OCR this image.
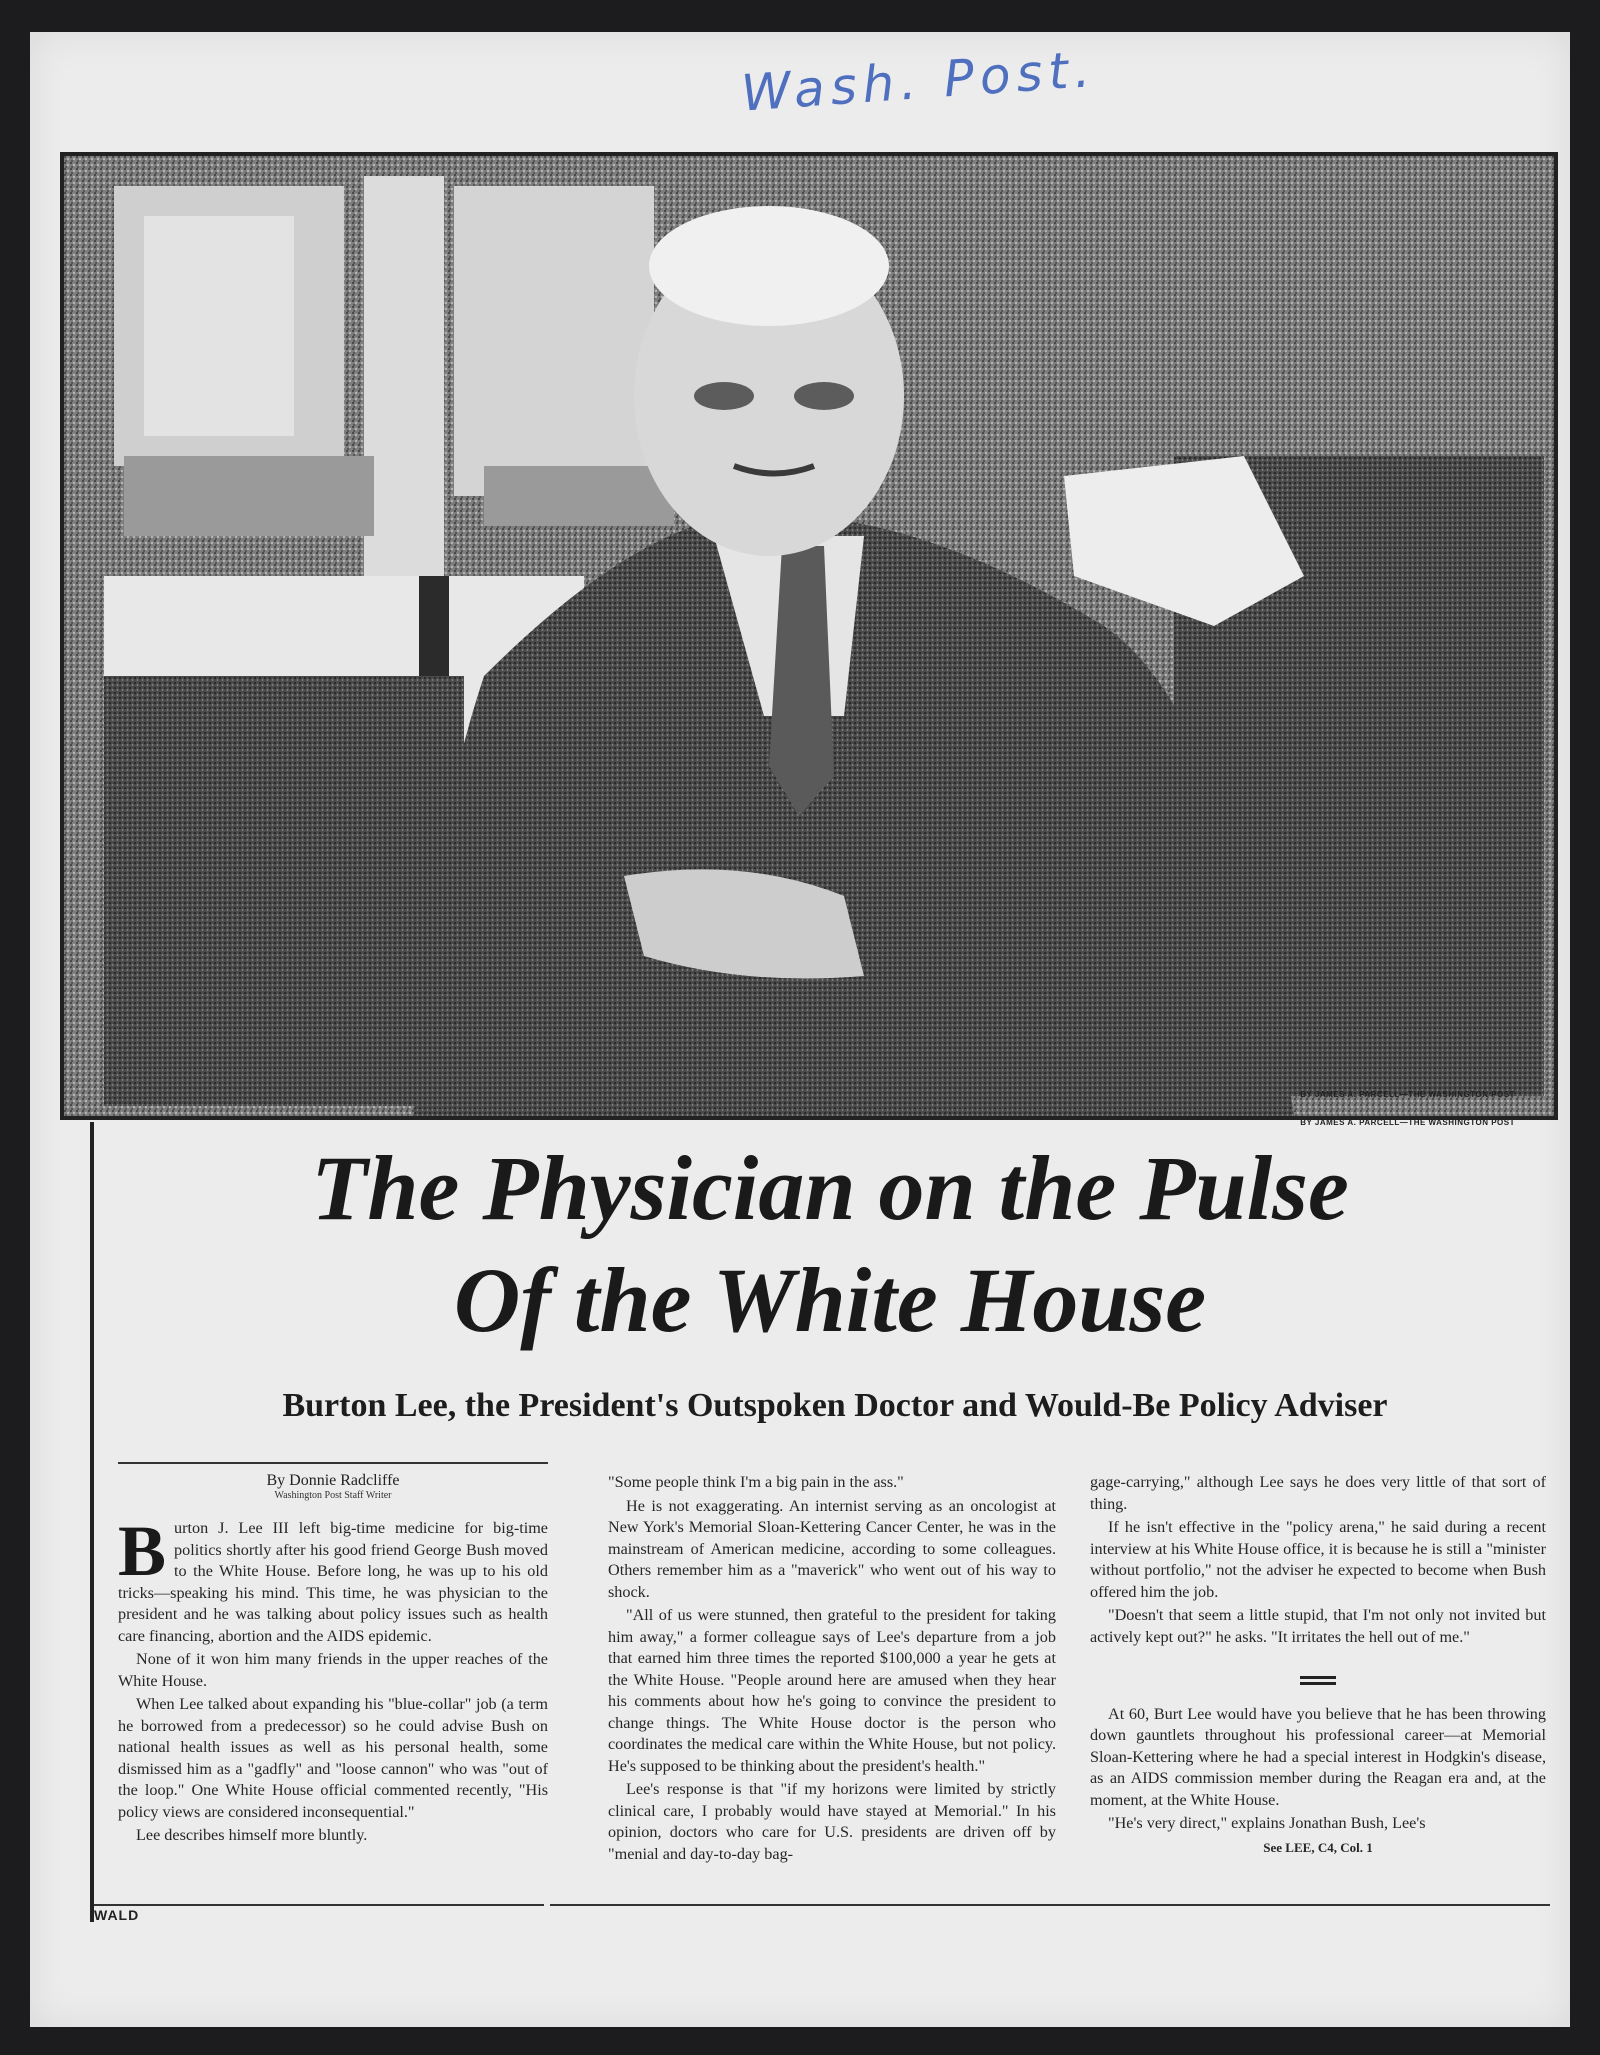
Wash. Post.
BY JAMES A. PARCELL—THE WASHINGTON POST
BY JAMES A. PARCELL—THE WASHINGTON POST
The Physician on the Pulse
Of the White House
Burton Lee, the President's Outspoken Doctor and Would-Be Policy Adviser
By Donnie Radcliffe
Washington Post Staff Writer
B urton J. Lee III left big-time medicine for big-time politics shortly after his good friend George Bush moved to the White House. Before long, he was up to his old tricks—speaking his mind. This time, he was physician to the president and he was talking about policy issues such as health care financing, abortion and the AIDS epidemic.

None of it won him many friends in the upper reaches of the White House.

When Lee talked about expanding his "blue-collar" job (a term he borrowed from a predecessor) so he could advise Bush on national health issues as well as his personal health, some dismissed him as a "gadfly" and "loose cannon" who was "out of the loop." One White House official commented recently, "His policy views are considered inconsequential."

Lee describes himself more bluntly.

"Some people think I'm a big pain in the ass."

He is not exaggerating. An internist serving as an oncologist at New York's Memorial Sloan-Kettering Cancer Center, he was in the mainstream of American medicine, according to some colleagues. Others remember him as a "maverick" who went out of his way to shock.

"All of us were stunned, then grateful to the president for taking him away," a former colleague says of Lee's departure from a job that earned him three times the reported $100,000 a year he gets at the White House. "People around here are amused when they hear his comments about how he's going to convince the president to change things. The White House doctor is the person who coordinates the medical care within the White House, but not policy. He's supposed to be thinking about the president's health."

Lee's response is that "if my horizons were limited by strictly clinical care, I probably would have stayed at Memorial." In his opinion, doctors who care for U.S. presidents are driven off by "menial and day-to-day bag-

gage-carrying," although Lee says he does very little of that sort of thing.

If he isn't effective in the "policy arena," he said during a recent interview at his White House office, it is because he is still a "minister without portfolio," not the adviser he expected to become when Bush offered him the job.

"Doesn't that seem a little stupid, that I'm not only not invited but actively kept out?" he asks. "It irritates the hell out of me."

At 60, Burt Lee would have you believe that he has been throwing down gauntlets throughout his professional career—at Memorial Sloan-Kettering where he had a special interest in Hodgkin's disease, as an AIDS commission member during the Reagan era and, at the moment, at the White House.

"He's very direct," explains Jonathan Bush, Lee's

See LEE, C4, Col. 1
WALD
